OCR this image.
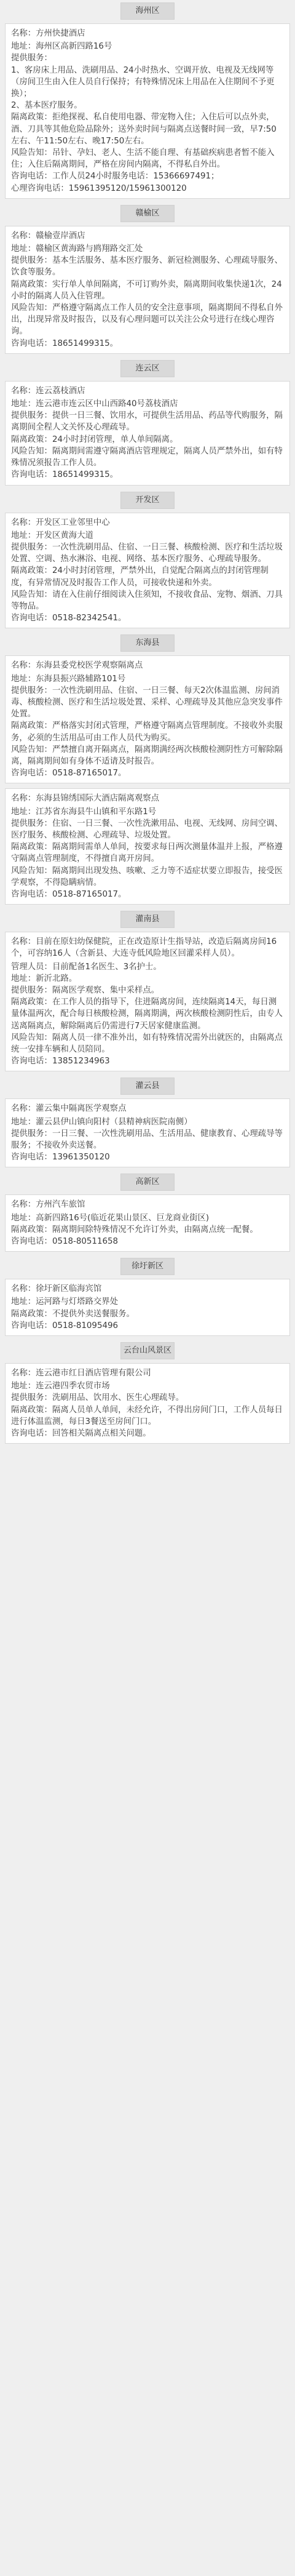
海州区

名称：方州快捷酒店

地址：海州区高新四路16号

提供服务：

1、客房床上用品、洗刷用品、24小时热水、空调开放、电视及无线网等（房间卫生由入住人员自行保持；有特殊情况床上用品在入住期间不予更换）；

2、基本医疗服务。

隔离政策：拒绝探视、私自使用电器、带宠物入住；入住后可以点外卖，酒、刀具等其他危险品除外；送外卖时间与隔离点送餐时间一致，早7:50左右、午11:50左右、晚17:50左右。

风险告知：吊针、孕妇、老人、生活不能自理、有基础疾病患者暂不能入住；入住后隔离期间，严格在房间内隔离，不得私自外出。

咨询电话：工作人员24小时服务电话：15366697491；

心理咨询电话：15961395120/15961300120

赣榆区

名称：赣榆壹岸酒店

地址：赣榆区黄海路与鸥翔路交汇处

提供服务：基本生活服务、基本医疗服务、新冠检测服务、心理疏导服务、饮食等服务。

隔离政策：实行单人单间隔离，不可订购外卖，隔离期间收集快递1次，24小时的隔离人员入住管理。

风险告知：严格遵守隔离点工作人员的安全注意事项，隔离期间不得私自外出，出现异常及时报告，以及有心理问题可以关注公众号进行在线心理咨询。

咨询电话：18651499315。

连云区

名称：连云荔枝酒店

地址：连云港市连云区中山西路40号荔枝酒店

提供服务：提供一日三餐、饮用水，可提供生活用品、药品等代购服务，隔离期间全程人文关怀及心理疏导。

隔离政策：24小时封闭管理，单人单间隔离。

风险告知：隔离期间需遵守隔离酒店管理规定，隔离人员严禁外出，如有特殊情况须报告工作人员。

咨询电话：18651499315。

开发区

名称：开发区工业邻里中心

地址：开发区黄海大道

提供服务：一次性洗刷用品、住宿、一日三餐、核酸检测、医疗和生活垃圾处置、空调、热水淋浴、电视、网络、基本医疗服务、心理疏导服务。

隔离政策：24小时封闭管理，严禁外出，自觉配合隔离点的封闭管理制度，有异常情况及时报告工作人员，可接收快递和外卖。

风险告知：请在入住前仔细阅读入住须知，不接收食品、宠物、烟酒、刀具等物品。

咨询电话：0518-82342541。

东海县

名称：东海县委党校医学观察隔离点

地址：东海县振兴路辅路101号

提供服务：一次性洗刷用品、住宿、一日三餐、每天2次体温监测、房间消毒、核酸检测、医疗和生活垃圾处置、采样、心理疏导及其他应急突发事件处置。

隔离政策：严格落实封闭式管理，严格遵守隔离点管理制度。不接收外卖服务，必须的生活用品可由工作人员代为购买。

风险告知：严禁擅自离开隔离点，隔离期满经两次核酸检测阴性方可解除隔离，隔离期间如有身体不适请及时报告。

咨询电话：0518-87165017。

名称：东海县锦绣国际大酒店隔离观察点

地址：江苏省东海县牛山镇和平东路1号

提供服务：住宿、一日三餐、一次性洗漱用品、电视、无线网、房间空调、医疗服务、核酸检测、心理疏导、垃圾处置。

隔离政策：隔离期间需单人单间，按要求每日两次测量体温并上报，严格遵守隔离点管理制度，不得擅自离开房间。

风险告知：隔离期间出现发热、咳嗽、乏力等不适症状要立即报告，接受医学观察，不得隐瞒病情。

咨询电话：0518-87165017。

灌南县

名称：目前在原妇幼保健院，正在改造原计生指导站，改造后隔离房间16个，可容纳16人（含新县、大连寺低风险地区回灌采样人员）。

管理人员：目前配备1名医生、3名护士。

地址：新沂北路。

提供服务：隔离医学观察、集中采样点。

隔离政策：在工作人员的指导下，住进隔离房间，连续隔离14天，每日测量体温两次，配合每日核酸检测，隔离期满，两次核酸检测阴性后，由专人送离隔离点，解除隔离后仍需进行7天居家健康监测。

风险告知：隔离人员一律不准外出，如有特殊情况需外出就医的，由隔离点统一安排车辆和人员陪同。

咨询电话：13851234963

灌云县

名称：灌云集中隔离医学观察点

地址：灌云县伊山镇向阳村（县精神病医院南侧）

提供服务：一日三餐、一次性洗刷用品、生活用品、健康教育、心理疏导等服务；不接收外卖送餐。

咨询电话：13961350120

高新区

名称：方州汽车旅馆

地址：高新四路16号(临近花果山景区、巨龙商业街区)

隔离政策：隔离期间除特殊情况不允许订外卖，由隔离点统一配餐。

咨询电话：0518-80511658

徐圩新区

名称：徐圩新区临海宾馆

地址：运河路与灯塔路交界处

隔离政策：不提供外卖送餐服务。

咨询电话：0518-81095496

云台山风景区

名称：连云港市红日酒店管理有限公司

地址：连云港四季农贸市场

提供服务：洗刷用品、饮用水、医生心理疏导。

隔离政策：隔离人员单人单间，未经允许，不得出房间门口，工作人员每日进行体温监测，每日3餐送至房间门口。

咨询电话：回答相关隔离点相关问题。
